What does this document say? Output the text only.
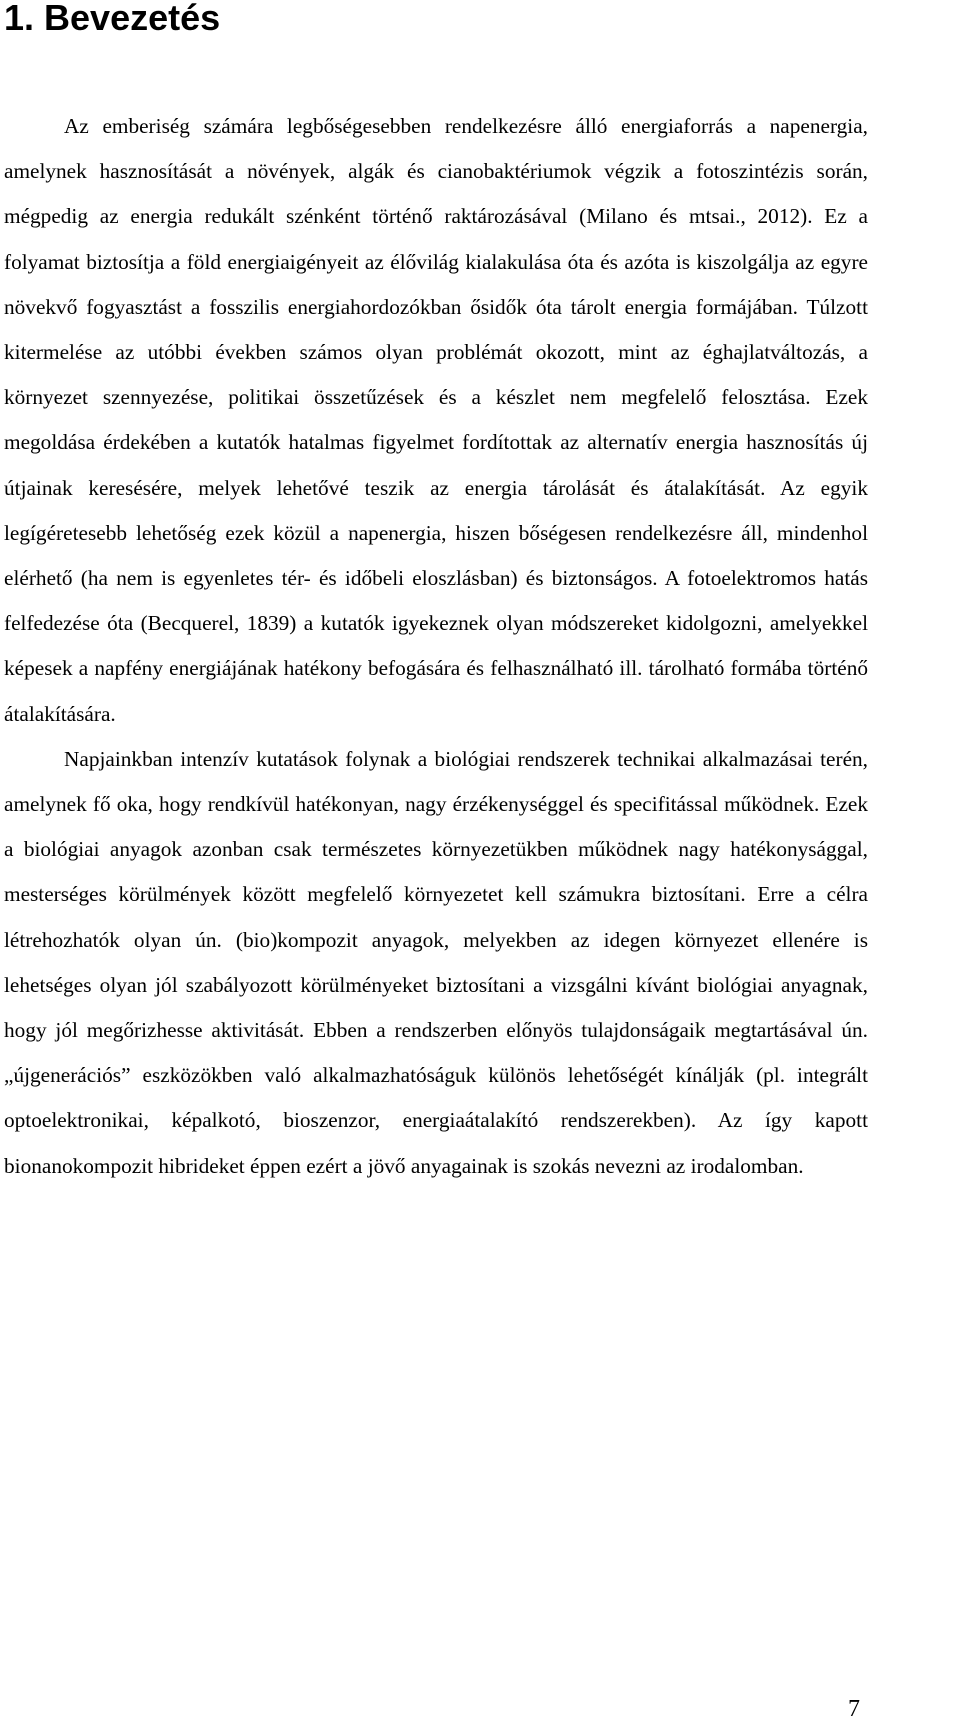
1. Bevezetés

Az emberiség számára legbőségesebben rendelkezésre álló energiaforrás a napenergia, amelynek hasznosítását a növények, algák és cianobaktériumok végzik a fotoszintézis során, mégpedig az energia redukált szénként történő raktározásával (Milano és mtsai., 2012). Ez a folyamat biztosítja a föld energiaigényeit az élővilág kialakulása óta és azóta is kiszolgálja az egyre növekvő fogyasztást a fosszilis energiahordozókban ősidők óta tárolt energia formájában. Túlzott kitermelése az utóbbi években számos olyan problémát okozott, mint az éghajlatváltozás, a környezet szennyezése, politikai összetűzések és a készlet nem megfelelő felosztása. Ezek megoldása érdekében a kutatók hatalmas figyelmet fordítottak az alternatív energia hasznosítás új útjainak keresésére, melyek lehetővé teszik az energia tárolását és átalakítását. Az egyik legígéretesebb lehetőség ezek közül a napenergia, hiszen bőségesen rendelkezésre áll, mindenhol elérhető (ha nem is egyenletes tér- és időbeli eloszlásban) és biztonságos. A fotoelektromos hatás felfedezése óta (Becquerel, 1839) a kutatók igyekeznek olyan módszereket kidolgozni, amelyekkel képesek a napfény energiájának hatékony befogására és felhasználható ill. tárolható formába történő átalakítására.

Napjainkban intenzív kutatások folynak a biológiai rendszerek technikai alkalmazásai terén, amelynek fő oka, hogy rendkívül hatékonyan, nagy érzékenységgel és specifitással működnek. Ezek a biológiai anyagok azonban csak természetes környezetükben működnek nagy hatékonysággal, mesterséges körülmények között megfelelő környezetet kell számukra biztosítani. Erre a célra létrehozhatók olyan ún. (bio)kompozit anyagok, melyekben az idegen környezet ellenére is lehetséges olyan jól szabályozott körülményeket biztosítani a vizsgálni kívánt biológiai anyagnak, hogy jól megőrizhesse aktivitását. Ebben a rendszerben előnyös tulajdonságaik megtartásával ún. „újgenerációs” eszközökben való alkalmazhatóságuk különös lehetőségét kínálják (pl. integrált optoelektronikai, képalkotó, bioszenzor, energiaátalakító rendszerekben). Az így kapott bionanokompozit hibrideket éppen ezért a jövő anyagainak is szokás nevezni az irodalomban.

7
